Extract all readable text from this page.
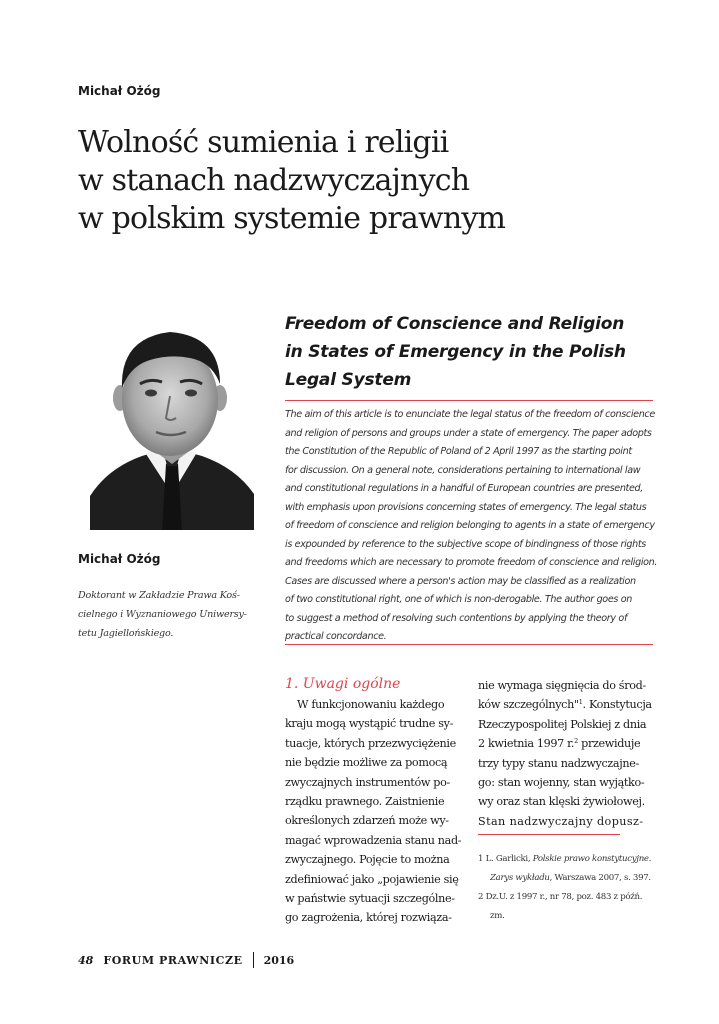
Michał Ożóg
Wolność sumienia i religii
w stanach nadzwyczajnych
w polskim systemie prawnym
Freedom of Conscience and Religion
in States of Emergency in the Polish
Legal System
The aim of this article is to enunciate the legal status of the freedom of conscience
and religion of persons and groups under a state of emergency. The paper adopts
the Constitution of the Republic of Poland of 2 April 1997 as the starting point
for discussion. On a general note, considerations pertaining to international law
and constitutional regulations in a handful of European countries are presented,
with emphasis upon provisions concerning states of emergency. The legal status
of freedom of conscience and religion belonging to agents in a state of emergency
is expounded by reference to the subjective scope of bindingness of those rights
and freedoms which are necessary to promote freedom of conscience and religion.
Cases are discussed where a person's action may be classified as a realization
of two constitutional right, one of which is non-derogable. The author goes on
to suggest a method of resolving such contentions by applying the theory of
practical concordance.
Michał Ożóg
Doktorant w Zakładzie Prawa Koś-
cielnego i Wyznaniowego Uniwersy-
tetu Jagiellońskiego.
1. Uwagi ogólne
W funkcjonowaniu każdego
kraju mogą wystąpić trudne sy-
tuacje, których przezwyciężenie
nie będzie możliwe za pomocą
zwyczajnych instrumentów po-
rządku prawnego. Zaistnienie
określonych zdarzeń może wy-
magać wprowadzenia stanu nad-
zwyczajnego. Pojęcie to można
zdefiniować jako „pojawienie się
w państwie sytuacji szczególne-
go zagrożenia, której rozwiąza-
nie wymaga sięgnięcia do środ-
ków szczególnych"$^1$. Konstytucja
Rzeczypospolitej Polskiej z dnia
2 kwietnia 1997 r.$^2$ przewiduje
trzy typy stanu nadzwyczajne-
go: stan wojenny, stan wyjątko-
wy oraz stan klęski żywiołowej.
Stan nadzwyczajny dopusz-
1 L. Garlicki, Polskie prawo konstytucyjne.
Zarys wykładu, Warszawa 2007, s. 397.
2 Dz.U. z 1997 r., nr 78, poz. 483 z późń.
zm.
48 FORUM PRAWNICZE 2016
